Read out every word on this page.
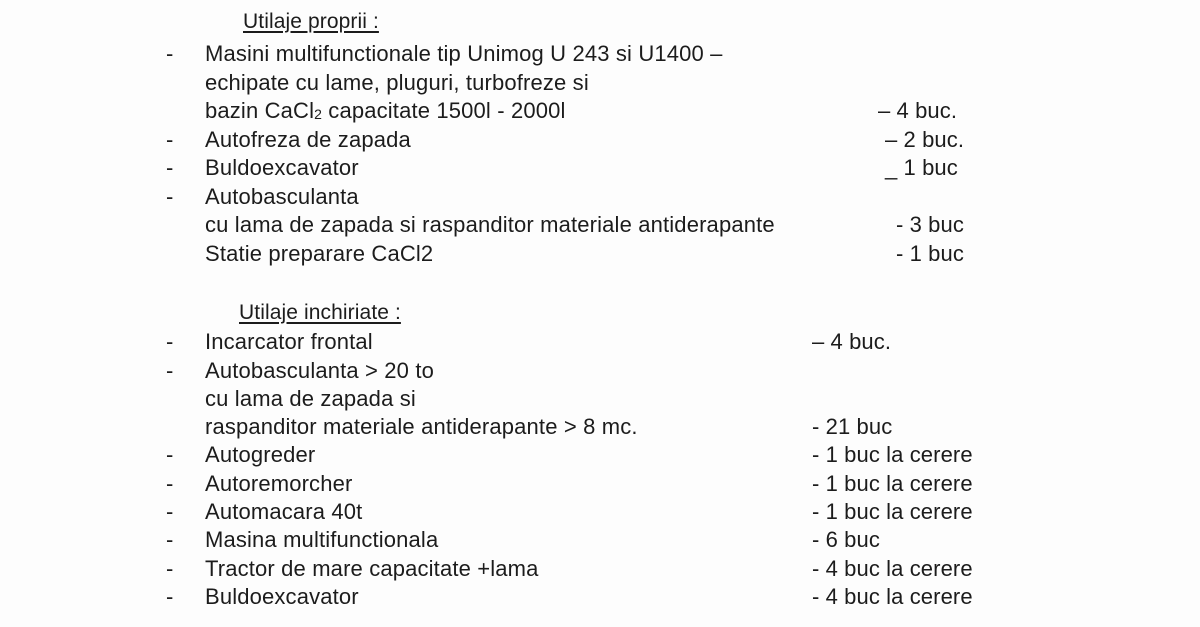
Utilaje proprii :
-	Masini multifunctionale tip Unimog U 243 si U1400 –
echipate cu lame, pluguri, turbofreze si
bazin CaCl$_2$ capacitate 1500l - 2000l	– 4 buc.
-	Autofreza de zapada	– 2 buc.
-	Buldoexcavator	_ 1 buc
-	Autobasculanta
cu lama de zapada si raspanditor materiale antiderapante	- 3 buc
Statie preparare CaCl2	- 1 buc
Utilaje inchiriate :
-	Incarcator frontal	– 4 buc.
-	Autobasculanta > 20 to
cu lama de zapada si
raspanditor materiale antiderapante > 8 mc.	- 21 buc
-	Autogreder	- 1 buc la cerere
-	Autoremorcher	- 1 buc la cerere
-	Automacara 40t	- 1 buc la cerere
-	Masina multifunctionala	- 6 buc
-	Tractor de mare capacitate +lama	- 4 buc la cerere
-	Buldoexcavator	- 4 buc la cerere
